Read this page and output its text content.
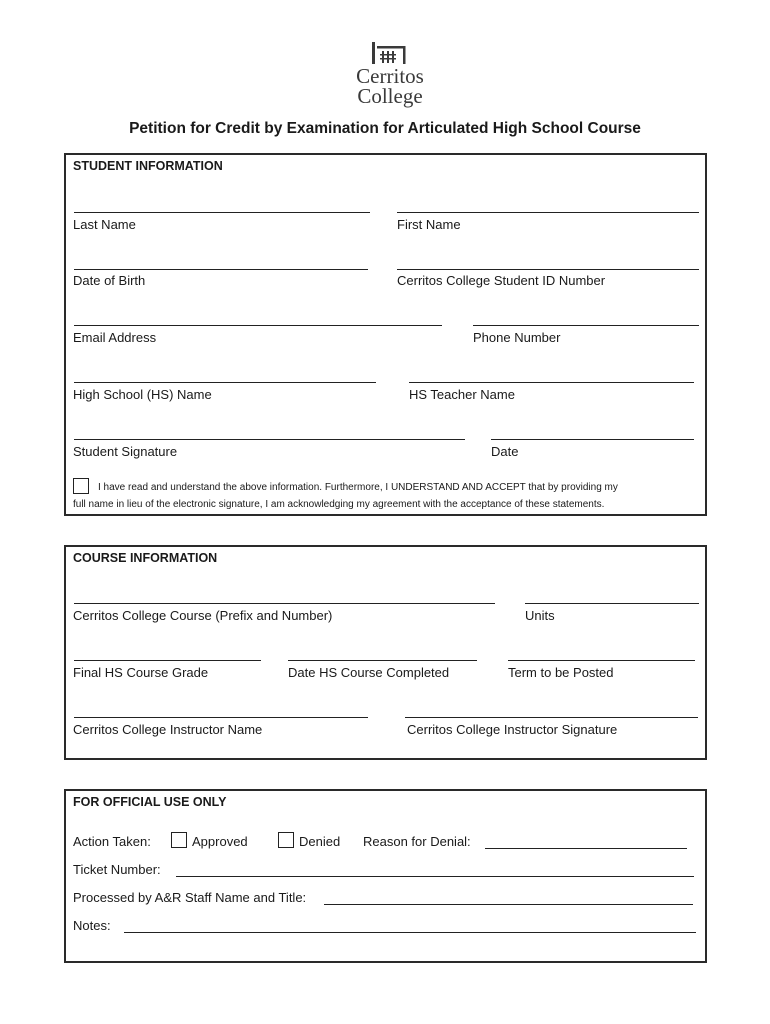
Cerritos
College
Petition for Credit by Examination for Articulated High School Course
STUDENT INFORMATION
Last Name	First Name
Date of Birth	Cerritos College Student ID Number
Email Address	Phone Number
High School (HS) Name	HS Teacher Name
Student Signature	Date
I have read and understand the above information. Furthermore, I UNDERSTAND AND ACCEPT that by providing my
full name in lieu of the electronic signature, I am acknowledging my agreement with the acceptance of these statements.
COURSE INFORMATION
Cerritos College Course (Prefix and Number)	Units
Final HS Course Grade	Date HS Course Completed	Term to be Posted
Cerritos College Instructor Name	Cerritos College Instructor Signature
FOR OFFICIAL USE ONLY
Action Taken:	Approved	Denied Reason for Denial:
Ticket Number:
Processed by A&R Staff Name and Title:
Notes:
